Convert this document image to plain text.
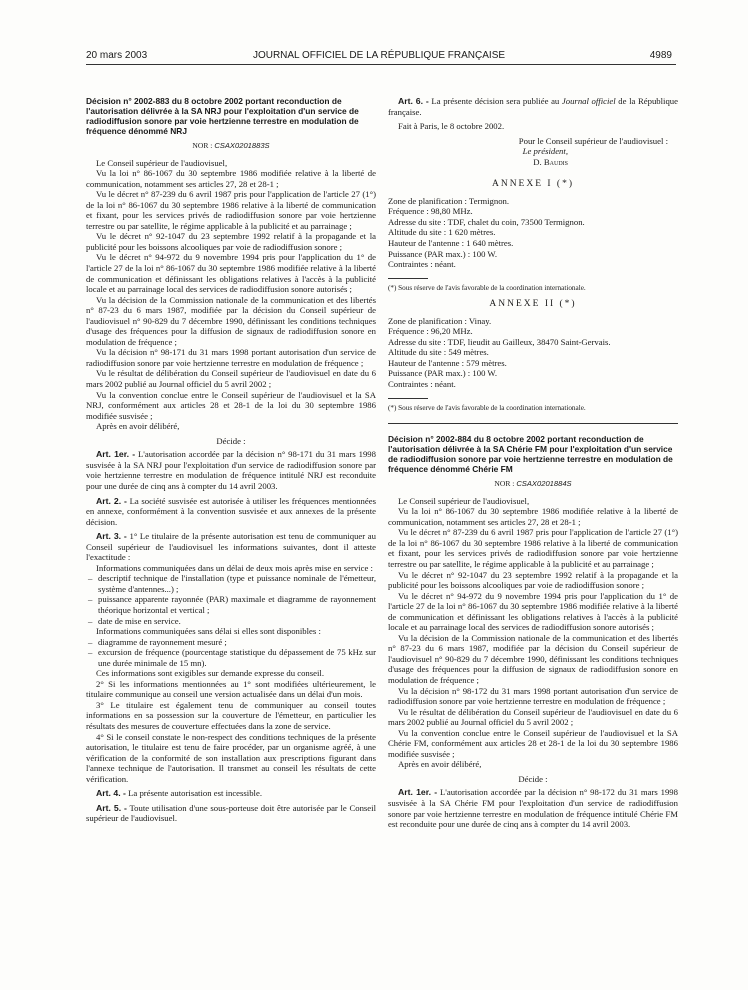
20 mars 2003	JOURNAL OFFICIEL DE LA RÉPUBLIQUE FRANÇAISE	4989
Décision n° 2002-883 du 8 octobre 2002 portant reconduction de l'autorisation délivrée à la SA NRJ pour l'exploitation d'un service de radiodiffusion sonore par voie hertzienne terrestre en modulation de fréquence dénommé NRJ
NOR : CSAX0201883S

Le Conseil supérieur de l'audiovisuel,

Vu la loi n° 86-1067 du 30 septembre 1986 modifiée relative à la liberté de communication, notamment ses articles 27, 28 et 28-1 ;

Vu le décret n° 87-239 du 6 avril 1987 pris pour l'application de l'article 27 (1°) de la loi n° 86-1067 du 30 septembre 1986 relative à la liberté de communication et fixant, pour les services privés de radiodiffusion sonore par voie hertzienne terrestre ou par satellite, le régime applicable à la publicité et au parrainage ;

Vu le décret n° 92-1047 du 23 septembre 1992 relatif à la propagande et la publicité pour les boissons alcooliques par voie de radiodiffusion sonore ;

Vu le décret n° 94-972 du 9 novembre 1994 pris pour l'application du 1° de l'article 27 de la loi n° 86-1067 du 30 septembre 1986 modifiée relative à la liberté de communication et définissant les obligations relatives à l'accès à la publicité locale et au parrainage local des services de radiodiffusion sonore autorisés ;

Vu la décision de la Commission nationale de la communication et des libertés n° 87-23 du 6 mars 1987, modifiée par la décision du Conseil supérieur de l'audiovisuel n° 90-829 du 7 décembre 1990, définissant les conditions techniques d'usage des fréquences pour la diffusion de signaux de radiodiffusion sonore en modulation de fréquence ;

Vu la décision n° 98-171 du 31 mars 1998 portant autorisation d'un service de radiodiffusion sonore par voie hertzienne terrestre en modulation de fréquence ;

Vu le résultat de délibération du Conseil supérieur de l'audiovisuel en date du 6 mars 2002 publié au Journal officiel du 5 avril 2002 ;

Vu la convention conclue entre le Conseil supérieur de l'audiovisuel et la SA NRJ, conformément aux articles 28 et 28-1 de la loi du 30 septembre 1986 modifiée susvisée ;

Après en avoir délibéré,

Décide :

Art. 1er. - L'autorisation accordée par la décision n° 98-171 du 31 mars 1998 susvisée à la SA NRJ pour l'exploitation d'un service de radiodiffusion sonore par voie hertzienne terrestre en modulation de fréquence intitulé NRJ est reconduite pour une durée de cinq ans à compter du 14 avril 2003.

Art. 2. - La société susvisée est autorisée à utiliser les fréquences mentionnées en annexe, conformément à la convention susvisée et aux annexes de la présente décision.

Art. 3. - 1° Le titulaire de la présente autorisation est tenu de communiquer au Conseil supérieur de l'audiovisuel les informations suivantes, dont il atteste l'exactitude :

Informations communiquées dans un délai de deux mois après mise en service :

– descriptif technique de l'installation (type et puissance nominale de l'émetteur, système d'antennes...) ;

– puissance apparente rayonnée (PAR) maximale et diagramme de rayonnement théorique horizontal et vertical ;

– date de mise en service.

Informations communiquées sans délai si elles sont disponibles :

– diagramme de rayonnement mesuré ;

– excursion de fréquence (pourcentage statistique du dépassement de 75 kHz sur une durée minimale de 15 mn).

Ces informations sont exigibles sur demande expresse du conseil.

2° Si les informations mentionnées au 1° sont modifiées ultérieurement, le titulaire communique au conseil une version actualisée dans un délai d'un mois.

3° Le titulaire est également tenu de communiquer au conseil toutes informations en sa possession sur la couverture de l'émetteur, en particulier les résultats des mesures de couverture effectuées dans la zone de service.

4° Si le conseil constate le non-respect des conditions techniques de la présente autorisation, le titulaire est tenu de faire procéder, par un organisme agréé, à une vérification de la conformité de son installation aux prescriptions figurant dans l'annexe technique de l'autorisation. Il transmet au conseil les résultats de cette vérification.

Art. 4. - La présente autorisation est incessible.

Art. 5. - Toute utilisation d'une sous-porteuse doit être autorisée par le Conseil supérieur de l'audiovisuel.

Art. 6. - La présente décision sera publiée au Journal officiel de la République française.

Fait à Paris, le 8 octobre 2002.

Pour le Conseil supérieur de l'audiovisuel :

Le président,

D. Baudis

ANNEXE I (*)

Zone de planification : Termignon.

Fréquence : 98,80 MHz.

Adresse du site : TDF, chalet du coin, 73500 Termignon.

Altitude du site : 1 620 mètres.

Hauteur de l'antenne : 1 640 mètres.

Puissance (PAR max.) : 100 W.

Contraintes : néant.

(*) Sous réserve de l'avis favorable de la coordination internationale.

ANNEXE II (*)

Zone de planification : Vinay.

Fréquence : 96,20 MHz.

Adresse du site : TDF, lieudit au Gailleux, 38470 Saint-Gervais.

Altitude du site : 549 mètres.

Hauteur de l'antenne : 579 mètres.

Puissance (PAR max.) : 100 W.

Contraintes : néant.

(*) Sous réserve de l'avis favorable de la coordination internationale.

Décision n° 2002-884 du 8 octobre 2002 portant reconduction de l'autorisation délivrée à la SA Chérie FM pour l'exploitation d'un service de radiodiffusion sonore par voie hertzienne terrestre en modulation de fréquence dénommé Chérie FM
NOR : CSAX0201884S

Le Conseil supérieur de l'audiovisuel,

Vu la loi n° 86-1067 du 30 septembre 1986 modifiée relative à la liberté de communication, notamment ses articles 27, 28 et 28-1 ;

Vu le décret n° 87-239 du 6 avril 1987 pris pour l'application de l'article 27 (1°) de la loi n° 86-1067 du 30 septembre 1986 relative à la liberté de communication et fixant, pour les services privés de radiodiffusion sonore par voie hertzienne terrestre ou par satellite, le régime applicable à la publicité et au parrainage ;

Vu le décret n° 92-1047 du 23 septembre 1992 relatif à la propagande et la publicité pour les boissons alcooliques par voie de radiodiffusion sonore ;

Vu le décret n° 94-972 du 9 novembre 1994 pris pour l'application du 1° de l'article 27 de la loi n° 86-1067 du 30 septembre 1986 modifiée relative à la liberté de communication et définissant les obligations relatives à l'accès à la publicité locale et au parrainage local des services de radiodiffusion sonore autorisés ;

Vu la décision de la Commission nationale de la communication et des libertés n° 87-23 du 6 mars 1987, modifiée par la décision du Conseil supérieur de l'audiovisuel n° 90-829 du 7 décembre 1990, définissant les conditions techniques d'usage des fréquences pour la diffusion de signaux de radiodiffusion sonore en modulation de fréquence ;

Vu la décision n° 98-172 du 31 mars 1998 portant autorisation d'un service de radiodiffusion sonore par voie hertzienne terrestre en modulation de fréquence ;

Vu le résultat de délibération du Conseil supérieur de l'audiovisuel en date du 6 mars 2002 publié au Journal officiel du 5 avril 2002 ;

Vu la convention conclue entre le Conseil supérieur de l'audiovisuel et la SA Chérie FM, conformément aux articles 28 et 28-1 de la loi du 30 septembre 1986 modifiée susvisée ;

Après en avoir délibéré,

Décide :

Art. 1er. - L'autorisation accordée par la décision n° 98-172 du 31 mars 1998 susvisée à la SA Chérie FM pour l'exploitation d'un service de radiodiffusion sonore par voie hertzienne terrestre en modulation de fréquence intitulé Chérie FM est reconduite pour une durée de cinq ans à compter du 14 avril 2003.
